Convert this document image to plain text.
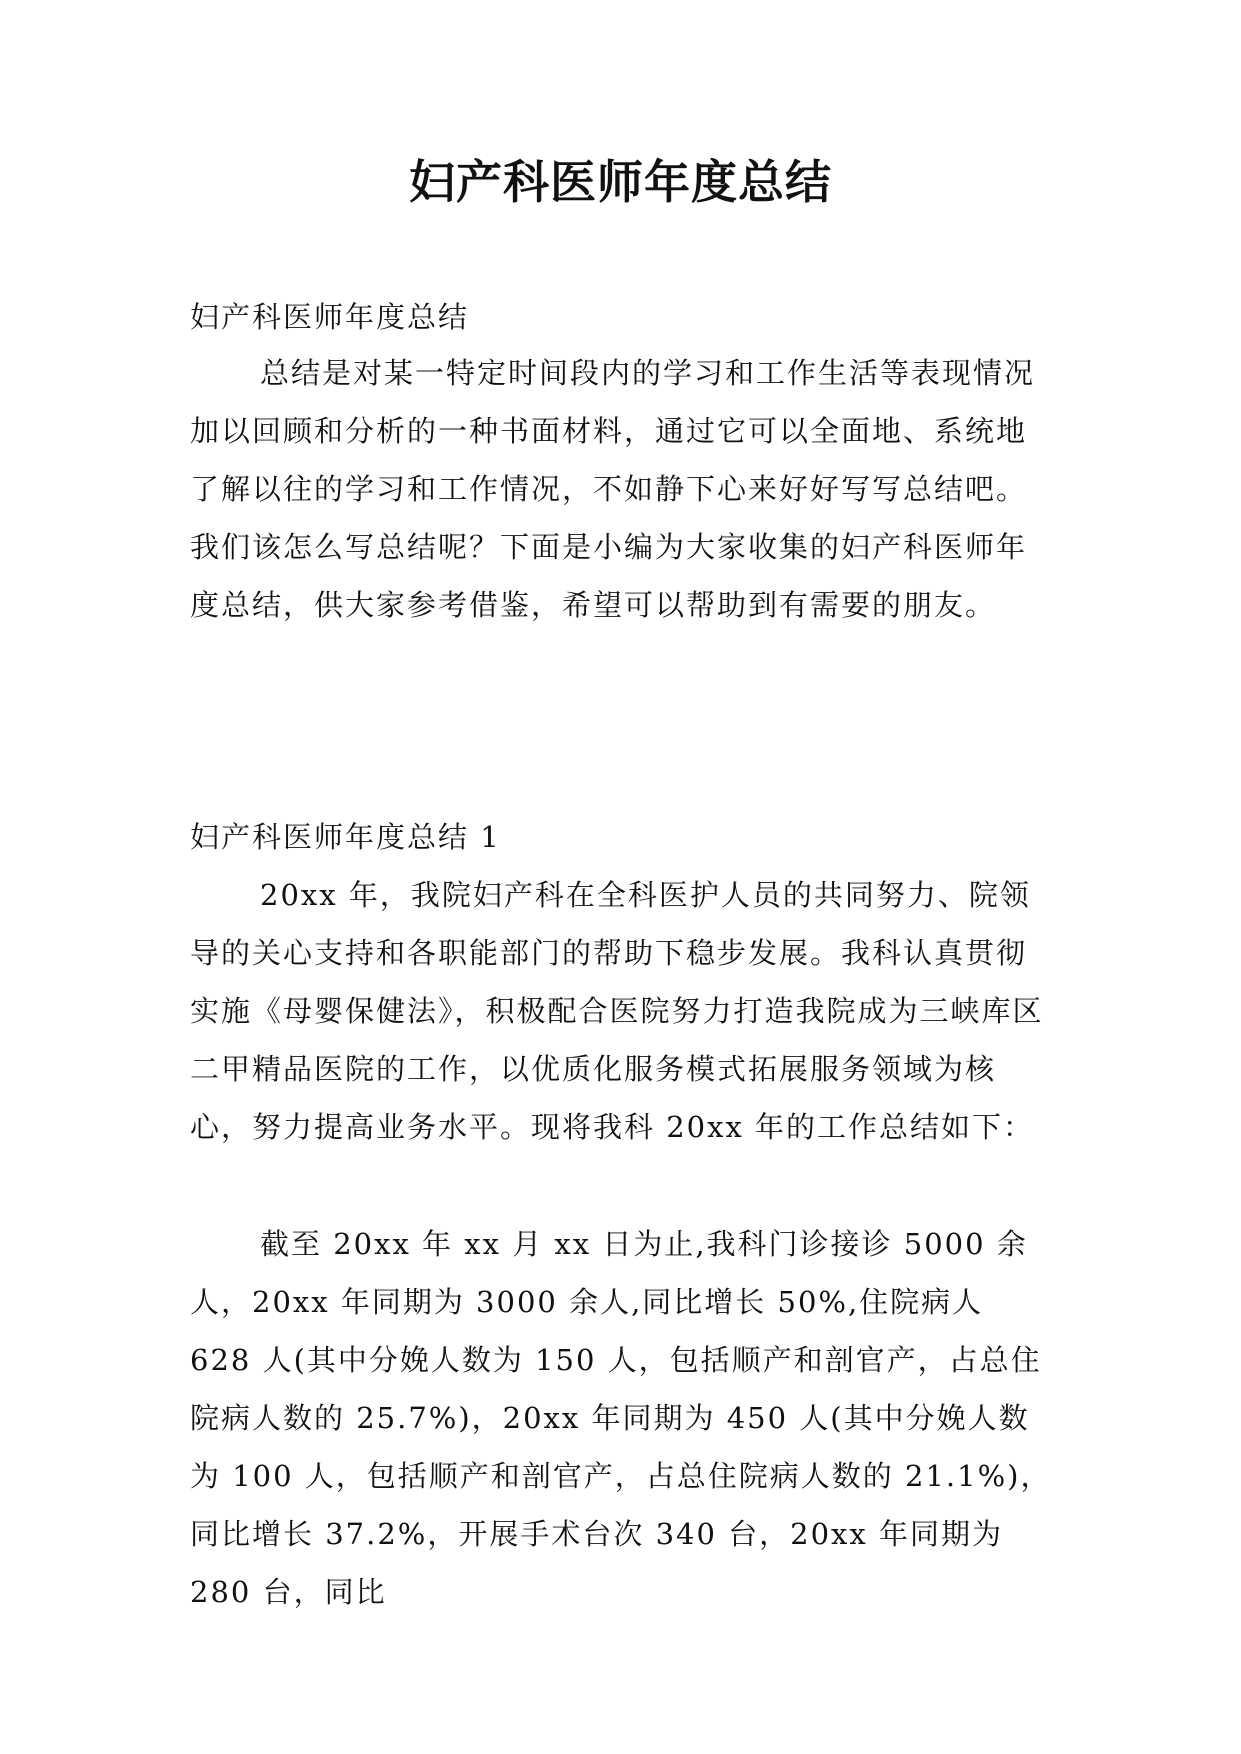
妇产科医师年度总结

妇产科医师年度总结

总结是对某一特定时间段内的学习和工作生活等表现情况加以回顾和分析的一种书面材料，通过它可以全面地、系统地了解以往的学习和工作情况，不如静下心来好好写写总结吧。我们该怎么写总结呢？下面是小编为大家收集的妇产科医师年度总结，供大家参考借鉴，希望可以帮助到有需要的朋友。

妇产科医师年度总结 1

20xx 年，我院妇产科在全科医护人员的共同努力、院领导的关心支持和各职能部门的帮助下稳步发展。我科认真贯彻实施《母婴保健法》，积极配合医院努力打造我院成为三峡库区二甲精品医院的工作，以优质化服务模式拓展服务领域为核心，努力提高业务水平。现将我科 20xx 年的工作总结如下：

截至 20xx 年 xx 月 xx 日为止,我科门诊接诊 5000 余人，20xx 年同期为 3000 余人,同比增长 50%,住院病人 628 人(其中分娩人数为 150 人，包括顺产和剖官产，占总住院病人数的 25.7%)，20xx 年同期为 450 人(其中分娩人数为 100 人，包括顺产和剖官产，占总住院病人数的 21.1%)，同比增长 37.2%，开展手术台次 340 台，20xx 年同期为 280 台，同比
